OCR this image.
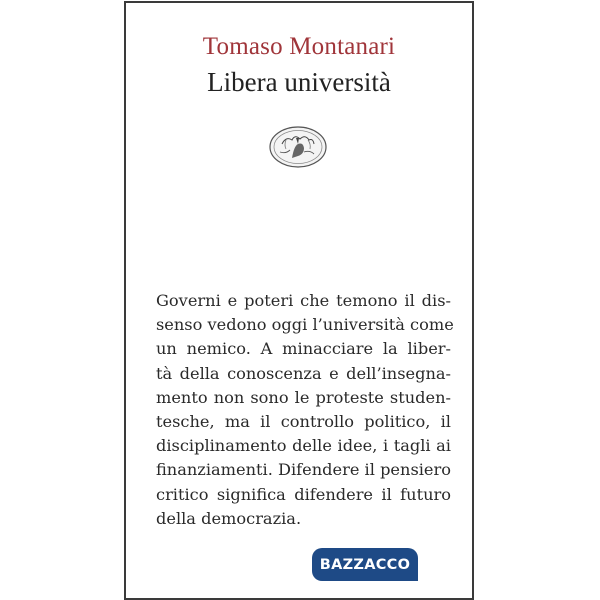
Tomaso Montanari
Libera università
Governi e poteri che temono il dis-
senso vedono oggi l’università come
un nemico. A minacciare la liber-
tà della conoscenza e dell’insegna-
mento non sono le proteste studen-
tesche, ma il controllo politico, il
disciplinamento delle idee, i tagli ai
finanziamenti. Difendere il pensiero
critico significa difendere il futuro
della democrazia.
BAZZACCO
